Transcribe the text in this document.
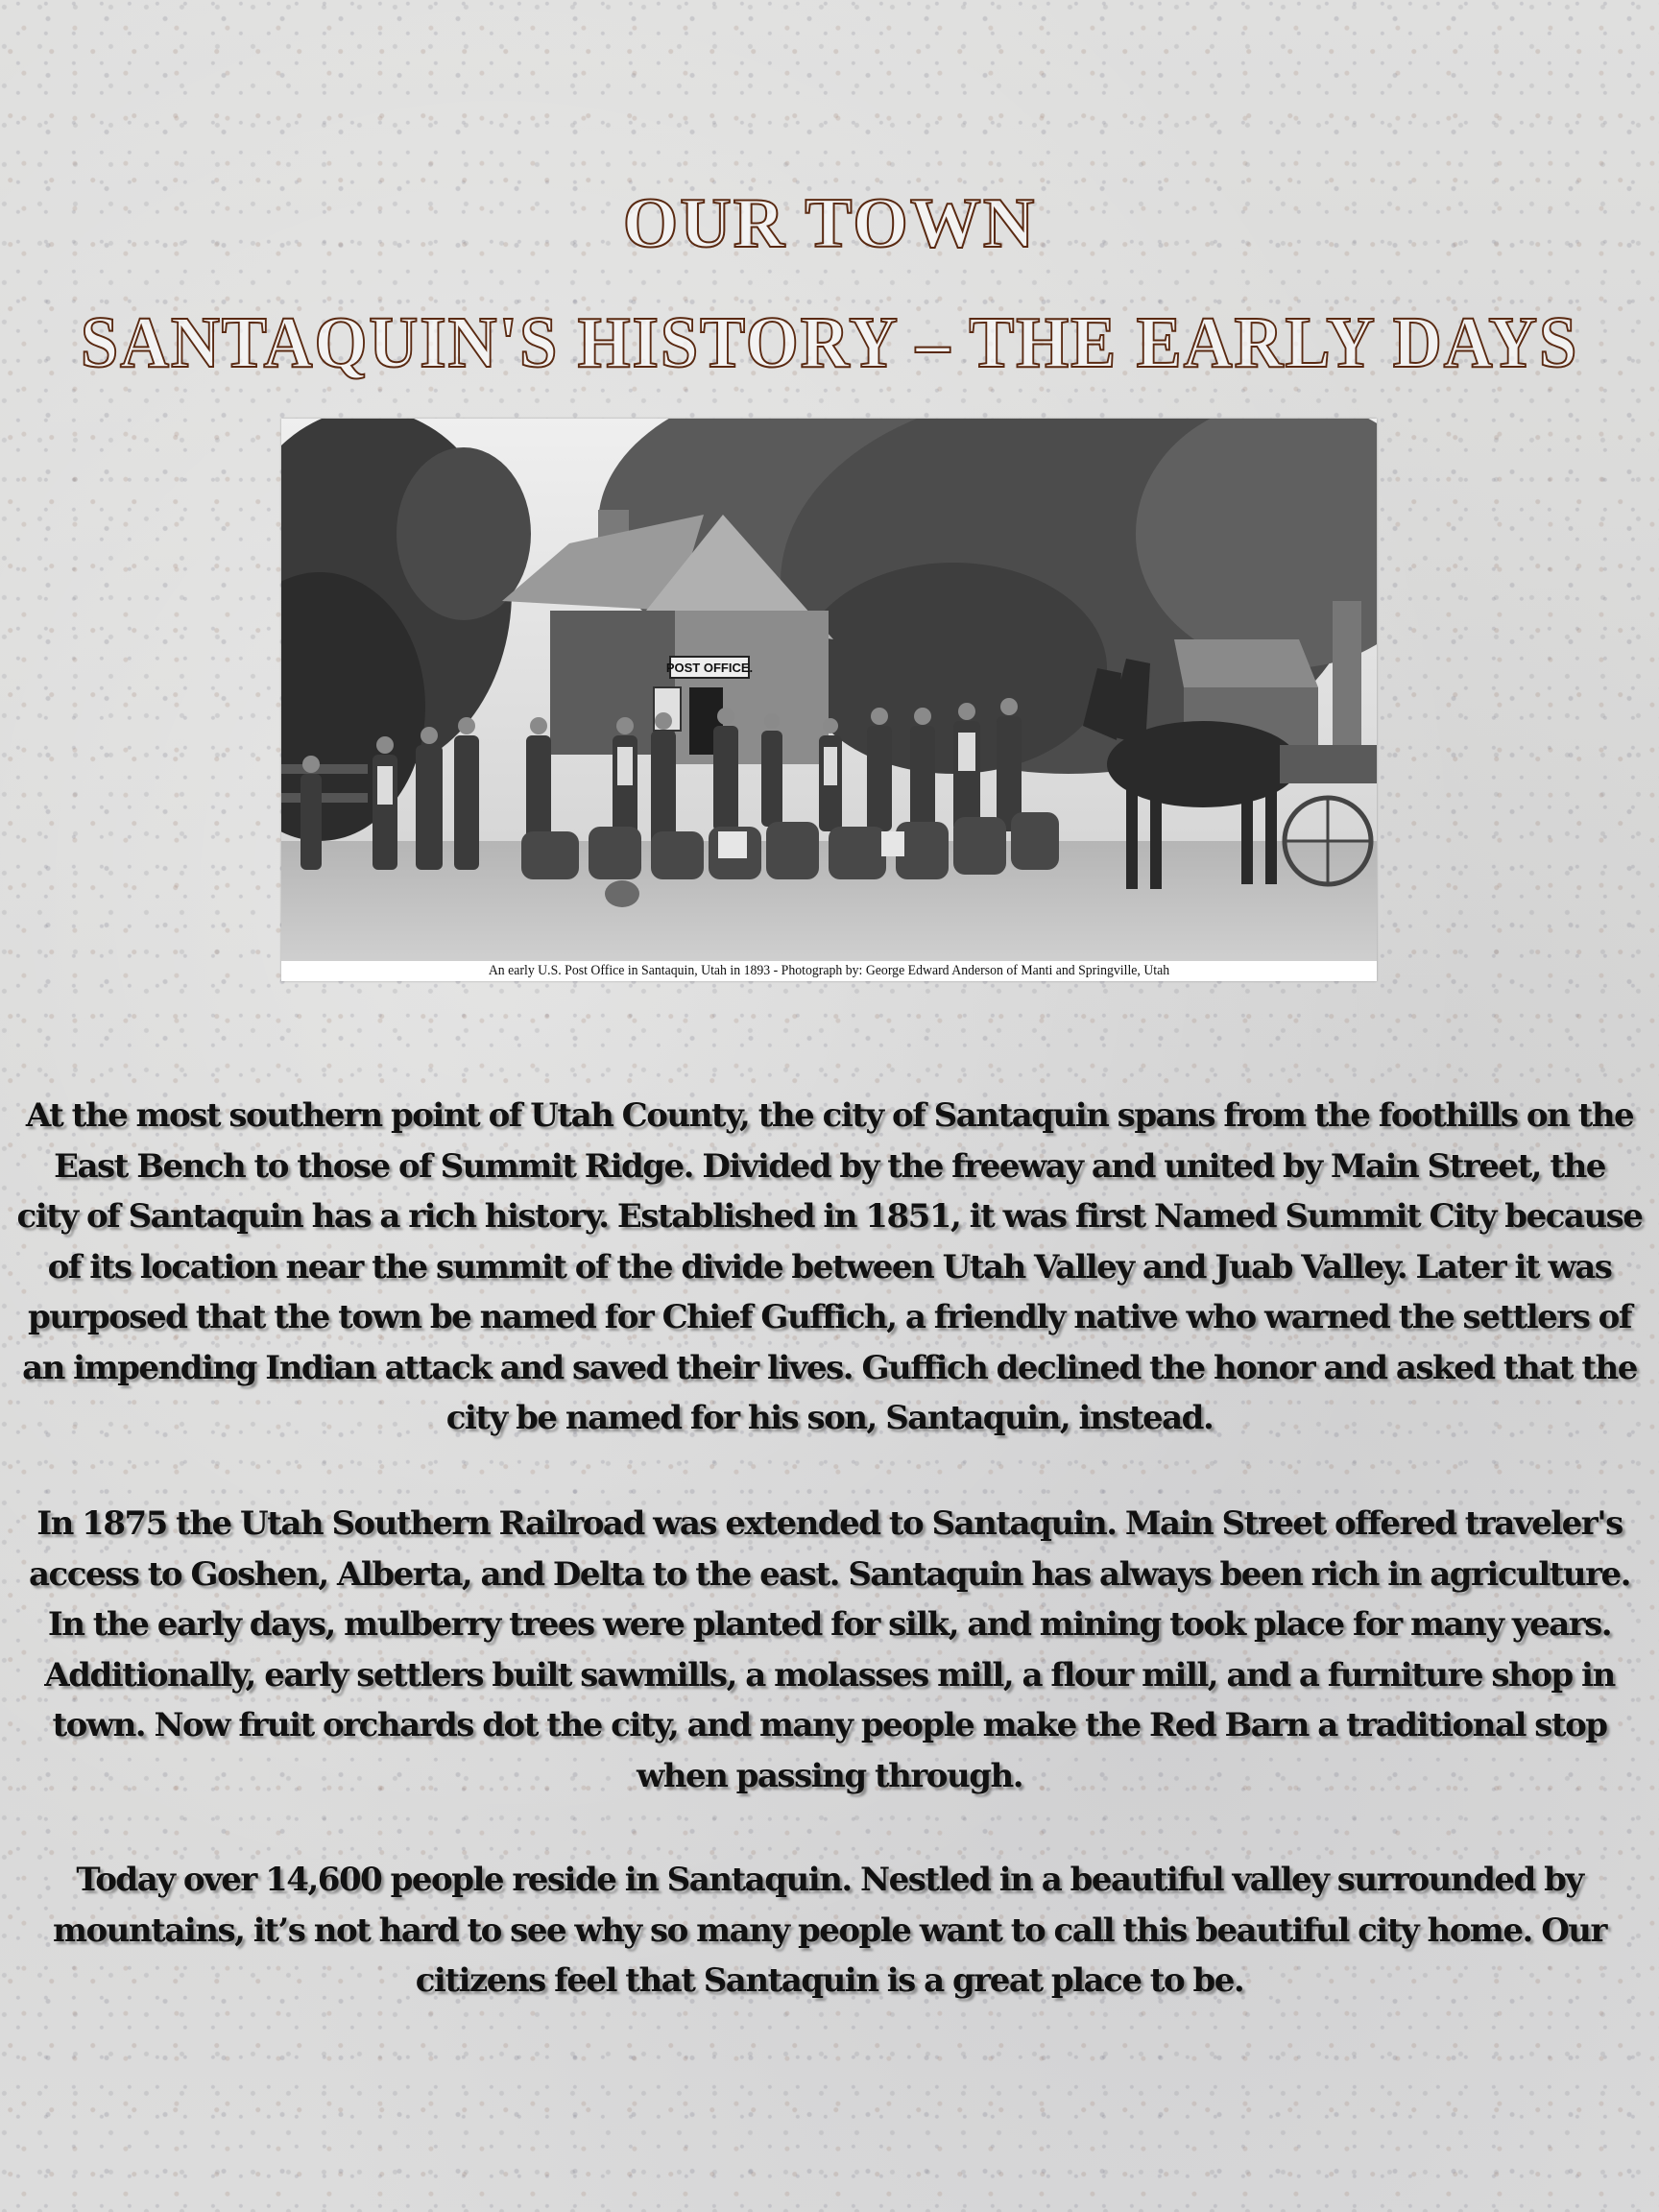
OUR TOWN
SANTAQUIN'S HISTORY – THE EARLY DAYS
POST OFFICE.
An early U.S. Post Office in Santaquin, Utah in 1893 - Photograph by: George Edward Anderson of Manti and Springville, Utah
At the most southern point of Utah County, the city of Santaquin spans from the foothills on the
East Bench to those of Summit Ridge. Divided by the freeway and united by Main Street, the
city of Santaquin has a rich history. Established in 1851, it was first Named Summit City because
of its location near the summit of the divide between Utah Valley and Juab Valley. Later it was
purposed that the town be named for Chief Guffich, a friendly native who warned the settlers of
an impending Indian attack and saved their lives. Guffich declined the honor and asked that the
city be named for his son, Santaquin, instead.
In 1875 the Utah Southern Railroad was extended to Santaquin. Main Street offered traveler's
access to Goshen, Alberta, and Delta to the east. Santaquin has always been rich in agriculture.
In the early days, mulberry trees were planted for silk, and mining took place for many years.
Additionally, early settlers built sawmills, a molasses mill, a flour mill, and a furniture shop in
town. Now fruit orchards dot the city, and many people make the Red Barn a traditional stop
when passing through.
Today over 14,600 people reside in Santaquin. Nestled in a beautiful valley surrounded by
mountains, it’s not hard to see why so many people want to call this beautiful city home. Our
citizens feel that Santaquin is a great place to be.
